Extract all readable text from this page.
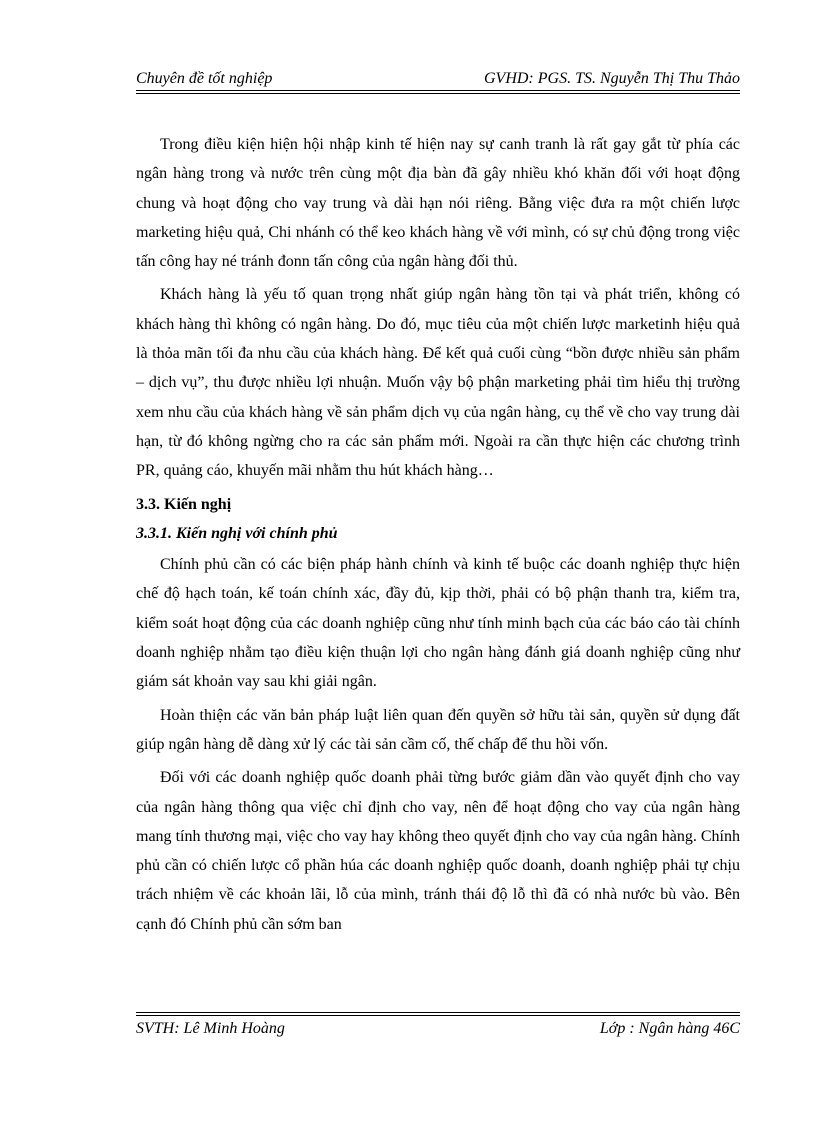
Chuyên đề tốt nghiệp	GVHD: PGS. TS. Nguyễn Thị Thu Thảo

Trong điều kiện hiện hội nhập kinh tế hiện nay sự canh tranh là rất gay gắt từ phía các ngân hàng trong và nước trên cùng một địa bàn đã gây nhiều khó khăn đối với hoạt động chung và hoạt động cho vay trung và dài hạn nói riêng. Bằng việc đưa ra một chiến lược marketing hiệu quả, Chi nhánh có thể keo khách hàng về với mình, có sự chủ động trong việc tấn công hay né tránh đonn tấn công của ngân hàng đối thủ.

Khách hàng là yếu tố quan trọng nhất giúp ngân hàng tồn tại và phát triển, không có khách hàng thì không có ngân hàng. Do đó, mục tiêu của một chiến lược marketinh hiệu quả là thỏa mãn tối đa nhu cầu của khách hàng. Để kết quả cuối cùng “bồn được nhiều sản phẩm – dịch vụ”, thu được nhiều lợi nhuận. Muốn vậy bộ phận marketing phải tìm hiểu thị trường xem nhu cầu của khách hàng về sản phẩm dịch vụ của ngân hàng, cụ thể về cho vay trung dài hạn, từ đó không ngừng cho ra các sản phẩm mới. Ngoài ra cần thực hiện các chương trình PR, quảng cáo, khuyến mãi nhằm thu hút khách hàng…

3.3. Kiến nghị
3.3.1. Kiến nghị với chính phủ

Chính phủ cần có các biện pháp hành chính và kinh tế buộc các doanh nghiệp thực hiện chế độ hạch toán, kế toán chính xác, đầy đủ, kịp thời, phải có bộ phận thanh tra, kiểm tra, kiểm soát hoạt động của các doanh nghiệp cũng như tính minh bạch của các báo cáo tài chính doanh nghiệp nhằm tạo điều kiện thuận lợi cho ngân hàng đánh giá doanh nghiệp cũng như giám sát khoản vay sau khi giải ngân.

Hoàn thiện các văn bản pháp luật liên quan đến quyền sở hữu tài sản, quyền sử dụng đất giúp ngân hàng dễ dàng xử lý các tài sản cầm cố, thế chấp để thu hồi vốn.

Đối với các doanh nghiệp quốc doanh phải từng bước giảm dần vào quyết định cho vay của ngân hàng thông qua việc chỉ định cho vay, nên để hoạt động cho vay của ngân hàng mang tính thương mại, việc cho vay hay không theo quyết định cho vay của ngân hàng. Chính phủ cần có chiến lược cổ phần húa các doanh nghiệp quốc doanh, doanh nghiệp phải tự chịu trách nhiệm về các khoản lãi, lỗ của mình, tránh thái độ lỗ thì đã có nhà nước bù vào. Bên cạnh đó Chính phủ cần sớm ban

SVTH: Lê Minh Hoàng	Lớp : Ngân hàng 46C
